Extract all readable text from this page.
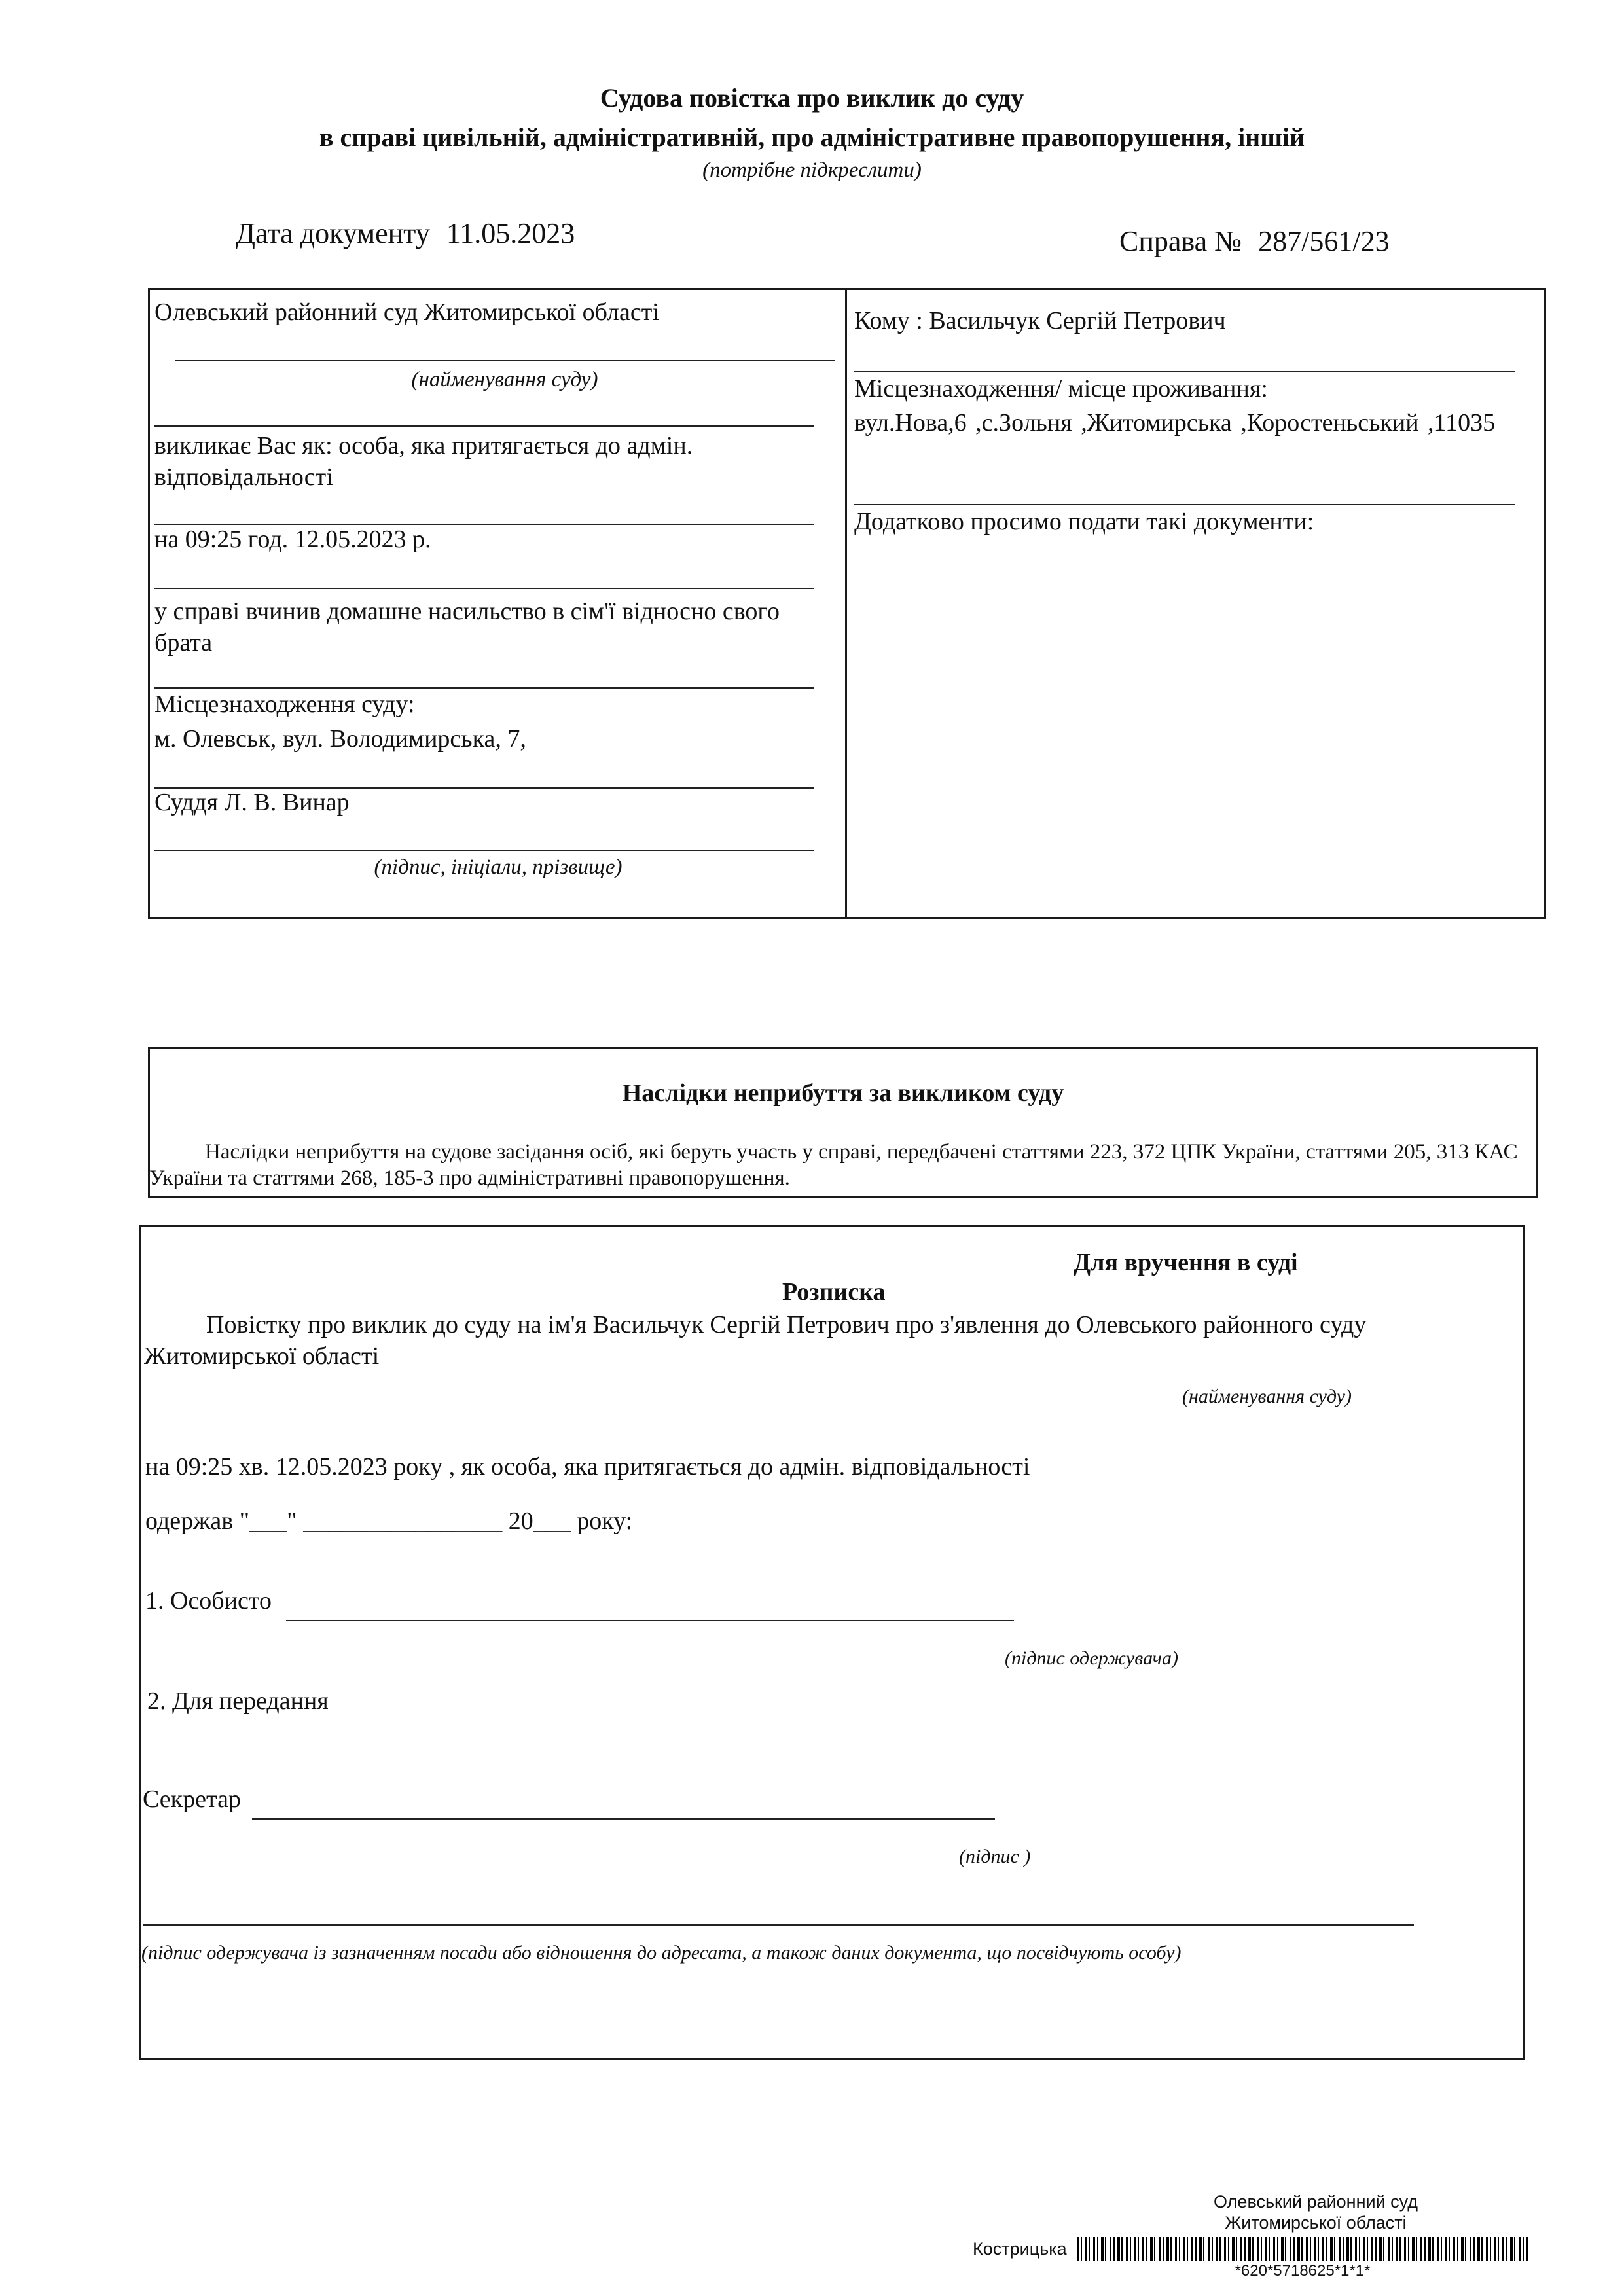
Судова повістка про виклик до суду
в справі цивільній, адміністративній, про адміністративне правопорушення, іншій
(потрібне підкреслити)
Дата документу 11.05.2023	Справа № 287/561/23
Олевський районний суд Житомирської області
(найменування суду)
викликає Вас як: особа, яка притягається до адмін. відповідальності
на 09:25 год. 12.05.2023 р.
у справі вчинив домашне насильство в сім'ї відносно свого брата
Місцезнаходження суду:
м. Олевськ, вул. Володимирська, 7,
Суддя Л. В. Винар
(підпис, ініціали, прізвище)
Кому : Васильчук Сергій Петрович
Місцезнаходження/ місце проживання:
вул.Нова,6 ,с.Зольня ,Житомирська ,Коростеньський ,11035
Додатково просимо подати такі документи:
Наслідки неприбуття за викликом суду
Наслідки неприбуття на судове засідання осіб, які беруть участь у справі, передбачені статтями 223, 372 ЦПК України, статтями 205, 313 КАС України та статтями 268, 185-3 про адміністративні правопорушення.
Для вручення в суді
Розписка
Повістку про виклик до суду на ім'я Васильчук Сергій Петрович про з'явлення до Олевського районного суду Житомирської області
(найменування суду)
на 09:25 хв. 12.05.2023 року , як особа, яка притягається до адмін. відповідальності
одержав "___" ________________ 20___ року:
1. Особисто
(підпис одержувача)
2. Для передання
Секретар
(підпис )
(підпис одержувача із зазначенням посади або відношення до адресата, а також даних документа, що посвідчують особу)
Олевський районний суд
Житомирської області
Кострицька
*620*5718625*1*1*
